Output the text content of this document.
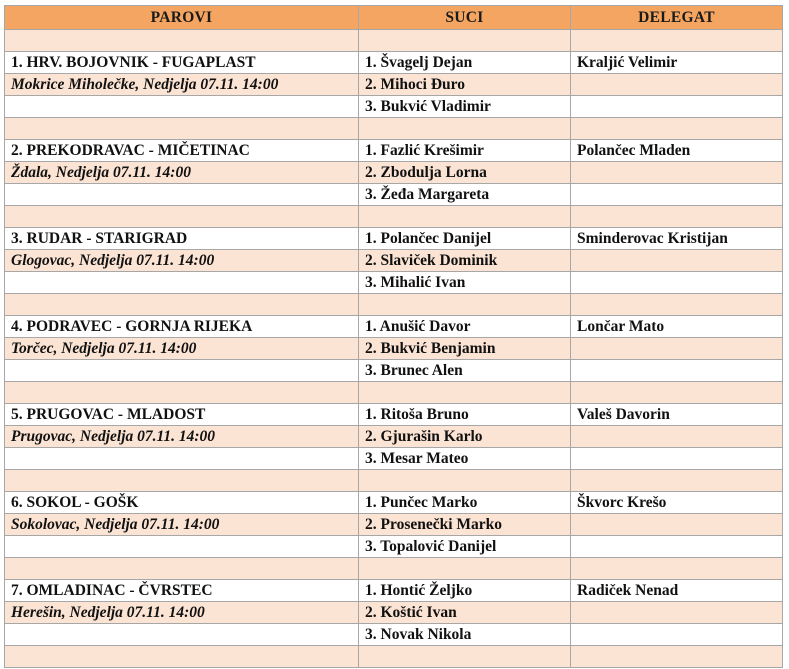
PAROVI	SUCI	DELEGAT

1. HRV. BOJOVNIK - FUGAPLAST	1. Švagelj Dejan	Kraljić Velimir
Mokrice Miholečke, Nedjelja 07.11. 14:00	2. Mihoci Đuro	
	3. Bukvić Vladimir	

2. PREKODRAVAC - MIČETINAC	1. Fazlić Krešimir	Polančec Mladen
Ždala, Nedjelja 07.11. 14:00	2. Zbodulja Lorna	
	3. Žeđa Margareta	

3. RUDAR - STARIGRAD	1. Polančec Danijel	Sminderovac Kristijan
Glogovac, Nedjelja 07.11. 14:00	2. Slaviček Dominik	
	3. Mihalić Ivan	

4. PODRAVEC - GORNJA RIJEKA	1. Anušić Davor	Lončar Mato
Torčec, Nedjelja 07.11. 14:00	2. Bukvić Benjamin	
	3. Brunec Alen	

5. PRUGOVAC - MLADOST	1. Ritoša Bruno	Valeš Davorin
Prugovac, Nedjelja 07.11. 14:00	2. Gjurašin Karlo	
	3. Mesar Mateo	

6. SOKOL - GOŠK	1. Punčec Marko	Škvorc Krešo
Sokolovac, Nedjelja 07.11. 14:00	2. Prosenečki Marko	
	3. Topalović Danijel	

7. OMLADINAC - ČVRSTEC	1. Hontić Željko	Radiček Nenad
Herešin, Nedjelja 07.11. 14:00	2. Koštić Ivan	
	3. Novak Nikola	
